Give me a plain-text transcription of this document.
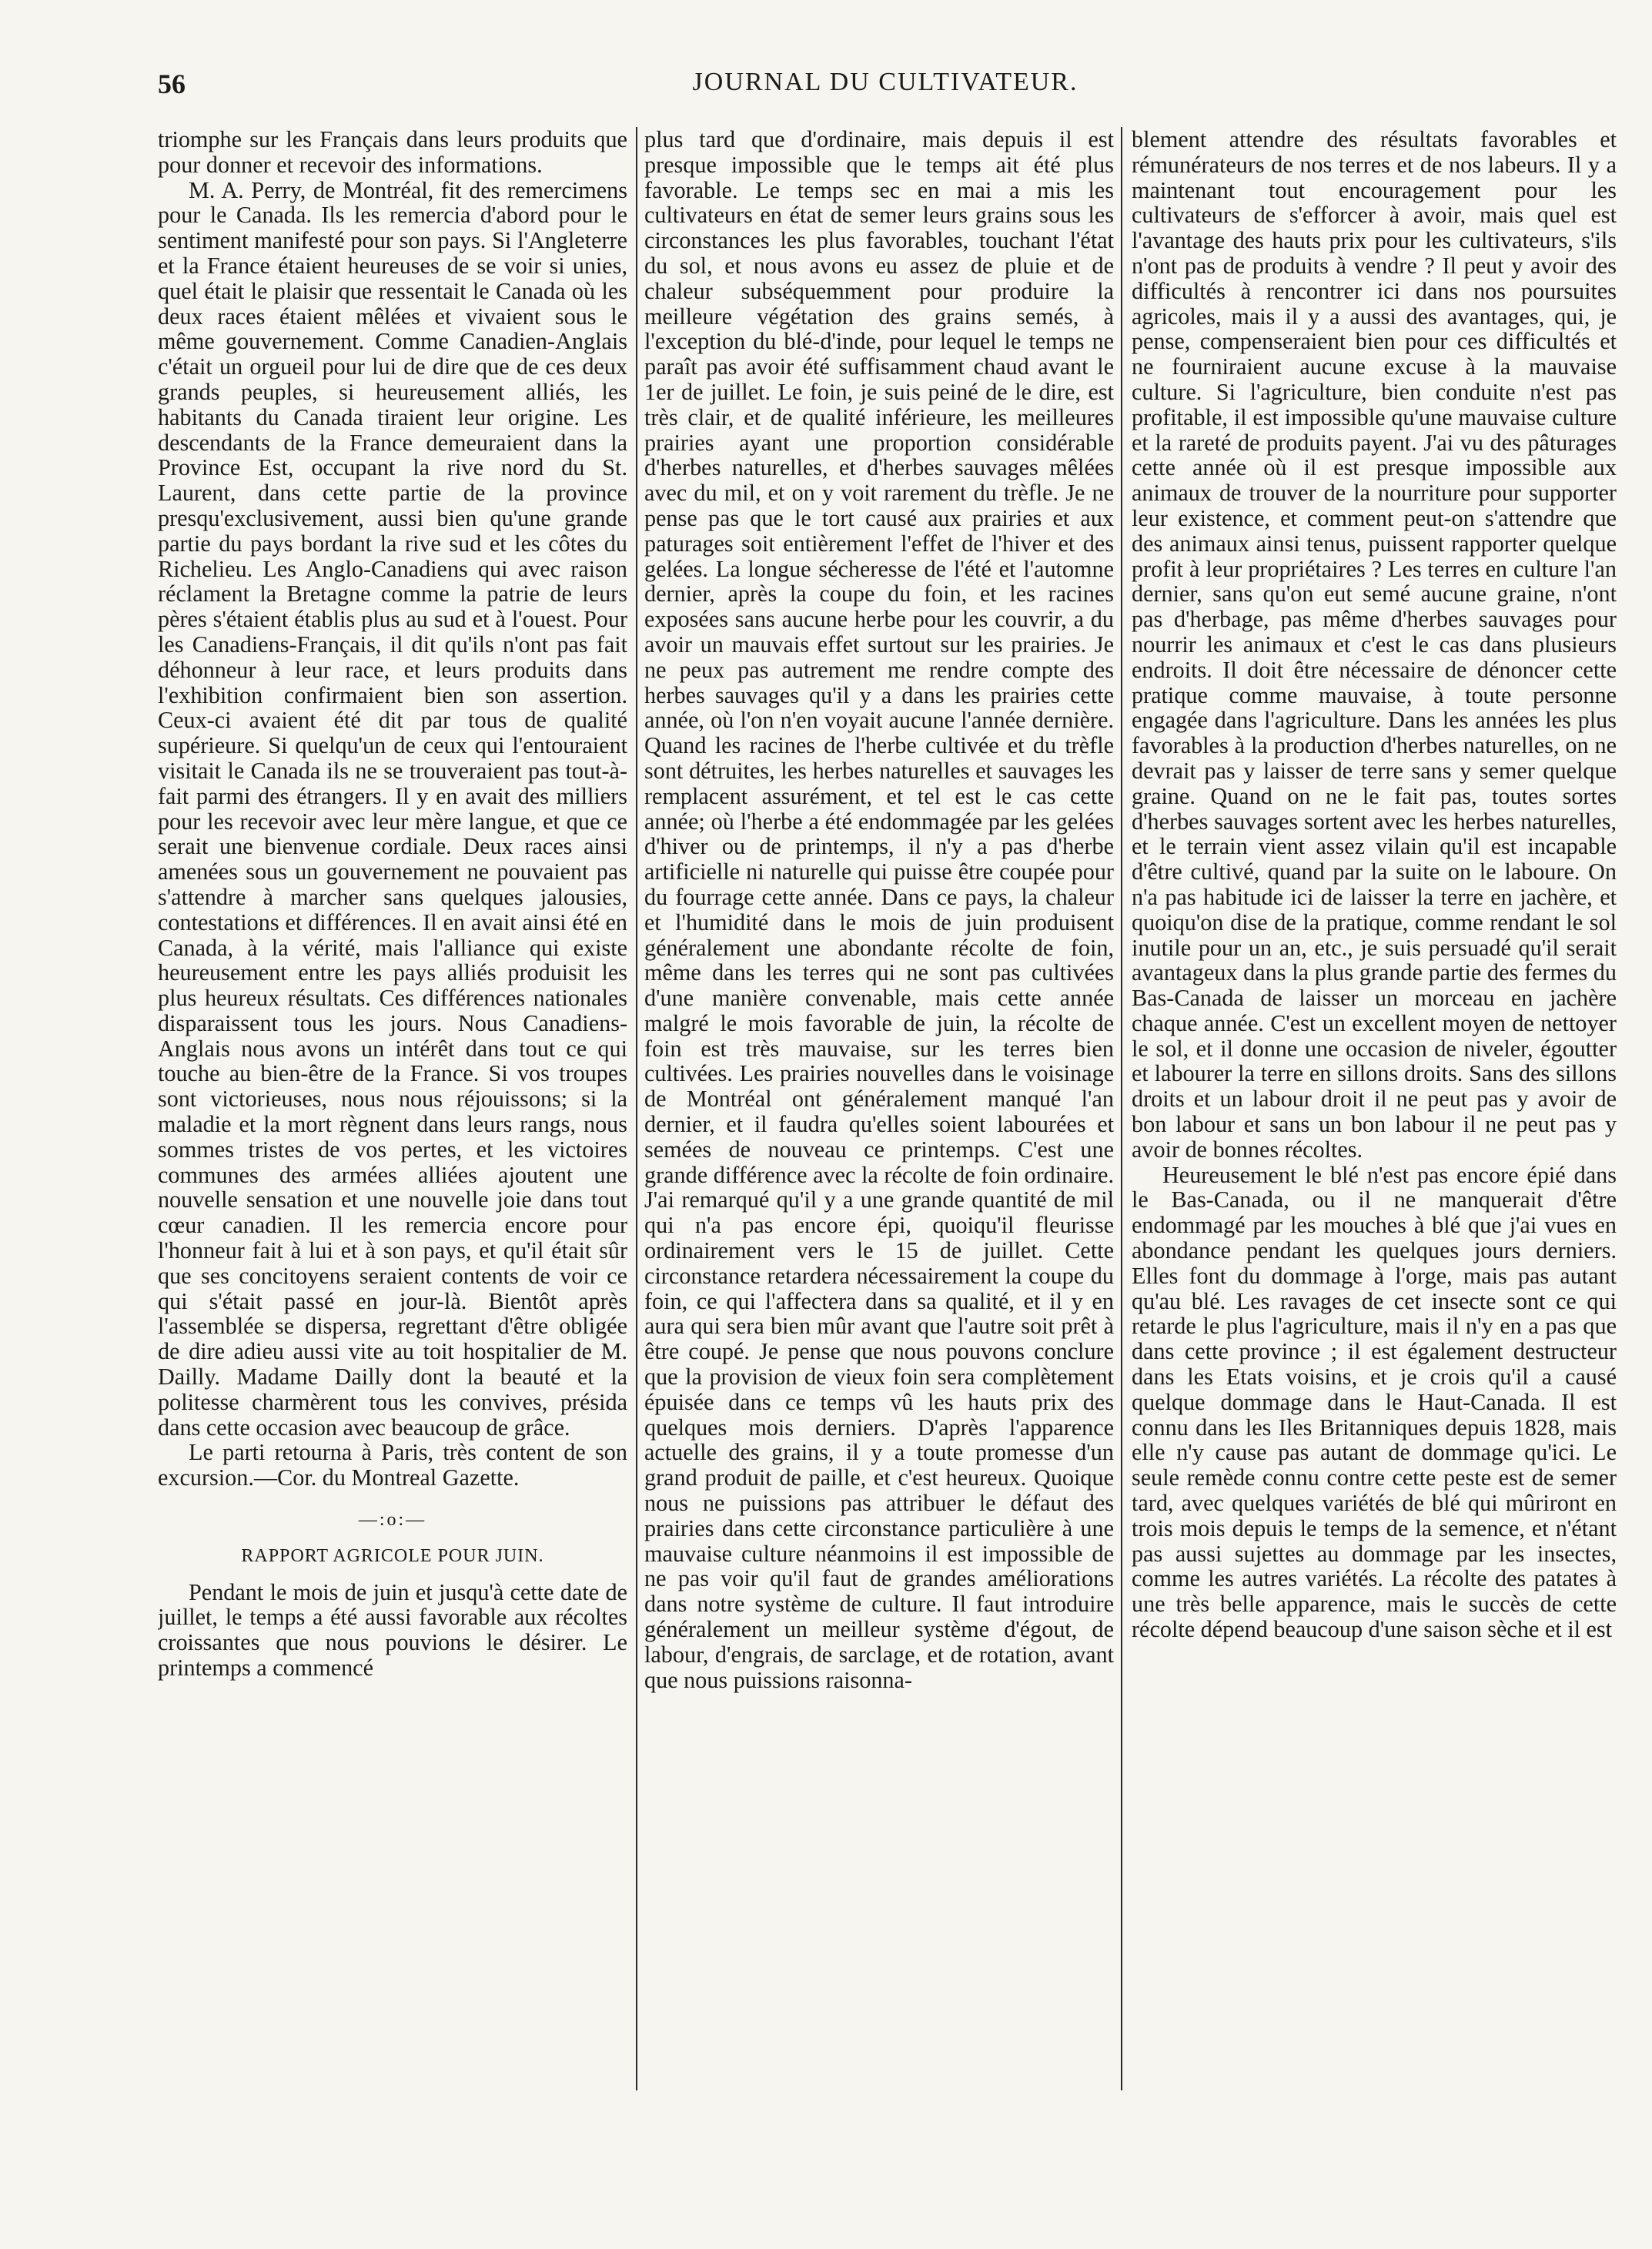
56	JOURNAL DU CULTIVATEUR.

triomphe sur les Français dans leurs produits que pour donner et recevoir des informations.

M. A. Perry, de Montréal, fit des remercimens pour le Canada. Ils les remercia d'abord pour le sentiment manifesté pour son pays. Si l'Angleterre et la France étaient heureuses de se voir si unies, quel était le plaisir que ressentait le Canada où les deux races étaient mêlées et vivaient sous le même gouvernement. Comme Canadien-Anglais c'était un orgueil pour lui de dire que de ces deux grands peuples, si heureusement alliés, les habitants du Canada tiraient leur origine. Les descendants de la France demeuraient dans la Province Est, occupant la rive nord du St. Laurent, dans cette partie de la province presqu'exclusivement, aussi bien qu'une grande partie du pays bordant la rive sud et les côtes du Richelieu. Les Anglo-Canadiens qui avec raison réclament la Bretagne comme la patrie de leurs pères s'étaient établis plus au sud et à l'ouest. Pour les Canadiens-Français, il dit qu'ils n'ont pas fait déhonneur à leur race, et leurs produits dans l'exhibition confirmaient bien son assertion. Ceux-ci avaient été dit par tous de qualité supérieure. Si quelqu'un de ceux qui l'entouraient visitait le Canada ils ne se trouveraient pas tout-à-fait parmi des étrangers. Il y en avait des milliers pour les recevoir avec leur mère langue, et que ce serait une bienvenue cordiale. Deux races ainsi amenées sous un gouvernement ne pouvaient pas s'attendre à marcher sans quelques jalousies, contestations et différences. Il en avait ainsi été en Canada, à la vérité, mais l'alliance qui existe heureusement entre les pays alliés produisit les plus heureux résultats. Ces différences nationales disparaissent tous les jours. Nous Canadiens-Anglais nous avons un intérêt dans tout ce qui touche au bien-être de la France. Si vos troupes sont victorieuses, nous nous réjouissons; si la maladie et la mort règnent dans leurs rangs, nous sommes tristes de vos pertes, et les victoires communes des armées alliées ajoutent une nouvelle sensation et une nouvelle joie dans tout cœur canadien. Il les remercia encore pour l'honneur fait à lui et à son pays, et qu'il était sûr que ses concitoyens seraient contents de voir ce qui s'était passé en jour-là. Bientôt après l'assemblée se dispersa, regrettant d'être obligée de dire adieu aussi vite au toit hospitalier de M. Dailly. Madame Dailly dont la beauté et la politesse charmèrent tous les convives, présida dans cette occasion avec beaucoup de grâce.

Le parti retourna à Paris, très content de son excursion.—Cor. du Montreal Gazette.

—:o:—
RAPPORT AGRICOLE POUR JUIN.

Pendant le mois de juin et jusqu'à cette date de juillet, le temps a été aussi favorable aux récoltes croissantes que nous pouvions le désirer. Le printemps a commencé

plus tard que d'ordinaire, mais depuis il est presque impossible que le temps ait été plus favorable. Le temps sec en mai a mis les cultivateurs en état de semer leurs grains sous les circonstances les plus favorables, touchant l'état du sol, et nous avons eu assez de pluie et de chaleur subséquemment pour produire la meilleure végétation des grains semés, à l'exception du blé-d'inde, pour lequel le temps ne paraît pas avoir été suffisamment chaud avant le 1er de juillet. Le foin, je suis peiné de le dire, est très clair, et de qualité inférieure, les meilleures prairies ayant une proportion considérable d'herbes naturelles, et d'herbes sauvages mêlées avec du mil, et on y voit rarement du trèfle. Je ne pense pas que le tort causé aux prairies et aux paturages soit entièrement l'effet de l'hiver et des gelées. La longue sécheresse de l'été et l'automne dernier, après la coupe du foin, et les racines exposées sans aucune herbe pour les couvrir, a du avoir un mauvais effet surtout sur les prairies. Je ne peux pas autrement me rendre compte des herbes sauvages qu'il y a dans les prairies cette année, où l'on n'en voyait aucune l'année dernière. Quand les racines de l'herbe cultivée et du trèfle sont détruites, les herbes naturelles et sauvages les remplacent assurément, et tel est le cas cette année; où l'herbe a été endommagée par les gelées d'hiver ou de printemps, il n'y a pas d'herbe artificielle ni naturelle qui puisse être coupée pour du fourrage cette année. Dans ce pays, la chaleur et l'humidité dans le mois de juin produisent généralement une abondante récolte de foin, même dans les terres qui ne sont pas cultivées d'une manière convenable, mais cette année malgré le mois favorable de juin, la récolte de foin est très mauvaise, sur les terres bien cultivées. Les prairies nouvelles dans le voisinage de Montréal ont généralement manqué l'an dernier, et il faudra qu'elles soient labourées et semées de nouveau ce printemps. C'est une grande différence avec la récolte de foin ordinaire. J'ai remarqué qu'il y a une grande quantité de mil qui n'a pas encore épi, quoiqu'il fleurisse ordinairement vers le 15 de juillet. Cette circonstance retardera nécessairement la coupe du foin, ce qui l'affectera dans sa qualité, et il y en aura qui sera bien mûr avant que l'autre soit prêt à être coupé. Je pense que nous pouvons conclure que la provision de vieux foin sera complètement épuisée dans ce temps vû les hauts prix des quelques mois derniers. D'après l'apparence actuelle des grains, il y a toute promesse d'un grand produit de paille, et c'est heureux. Quoique nous ne puissions pas attribuer le défaut des prairies dans cette circonstance particulière à une mauvaise culture néanmoins il est impossible de ne pas voir qu'il faut de grandes améliorations dans notre système de culture. Il faut introduire généralement un meilleur système d'égout, de labour, d'engrais, de sarclage, et de rotation, avant que nous puissions raisonna-

blement attendre des résultats favorables et rémunérateurs de nos terres et de nos labeurs. Il y a maintenant tout encouragement pour les cultivateurs de s'efforcer à avoir, mais quel est l'avantage des hauts prix pour les cultivateurs, s'ils n'ont pas de produits à vendre ? Il peut y avoir des difficultés à rencontrer ici dans nos poursuites agricoles, mais il y a aussi des avantages, qui, je pense, compenseraient bien pour ces difficultés et ne fourniraient aucune excuse à la mauvaise culture. Si l'agriculture, bien conduite n'est pas profitable, il est impossible qu'une mauvaise culture et la rareté de produits payent. J'ai vu des pâturages cette année où il est presque impossible aux animaux de trouver de la nourriture pour supporter leur existence, et comment peut-on s'attendre que des animaux ainsi tenus, puissent rapporter quelque profit à leur propriétaires ? Les terres en culture l'an dernier, sans qu'on eut semé aucune graine, n'ont pas d'herbage, pas même d'herbes sauvages pour nourrir les animaux et c'est le cas dans plusieurs endroits. Il doit être nécessaire de dénoncer cette pratique comme mauvaise, à toute personne engagée dans l'agriculture. Dans les années les plus favorables à la production d'herbes naturelles, on ne devrait pas y laisser de terre sans y semer quelque graine. Quand on ne le fait pas, toutes sortes d'herbes sauvages sortent avec les herbes naturelles, et le terrain vient assez vilain qu'il est incapable d'être cultivé, quand par la suite on le laboure. On n'a pas habitude ici de laisser la terre en jachère, et quoiqu'on dise de la pratique, comme rendant le sol inutile pour un an, etc., je suis persuadé qu'il serait avantageux dans la plus grande partie des fermes du Bas-Canada de laisser un morceau en jachère chaque année. C'est un excellent moyen de nettoyer le sol, et il donne une occasion de niveler, égoutter et labourer la terre en sillons droits. Sans des sillons droits et un labour droit il ne peut pas y avoir de bon labour et sans un bon labour il ne peut pas y avoir de bonnes récoltes.

Heureusement le blé n'est pas encore épié dans le Bas-Canada, ou il ne manquerait d'être endommagé par les mouches à blé que j'ai vues en abondance pendant les quelques jours derniers. Elles font du dommage à l'orge, mais pas autant qu'au blé. Les ravages de cet insecte sont ce qui retarde le plus l'agriculture, mais il n'y en a pas que dans cette province ; il est également destructeur dans les Etats voisins, et je crois qu'il a causé quelque dommage dans le Haut-Canada. Il est connu dans les Iles Britanniques depuis 1828, mais elle n'y cause pas autant de dommage qu'ici. Le seule remède connu contre cette peste est de semer tard, avec quelques variétés de blé qui mûriront en trois mois depuis le temps de la semence, et n'étant pas aussi sujettes au dommage par les insectes, comme les autres variétés. La récolte des patates à une très belle apparence, mais le succès de cette récolte dépend beaucoup d'une saison sèche et il est
